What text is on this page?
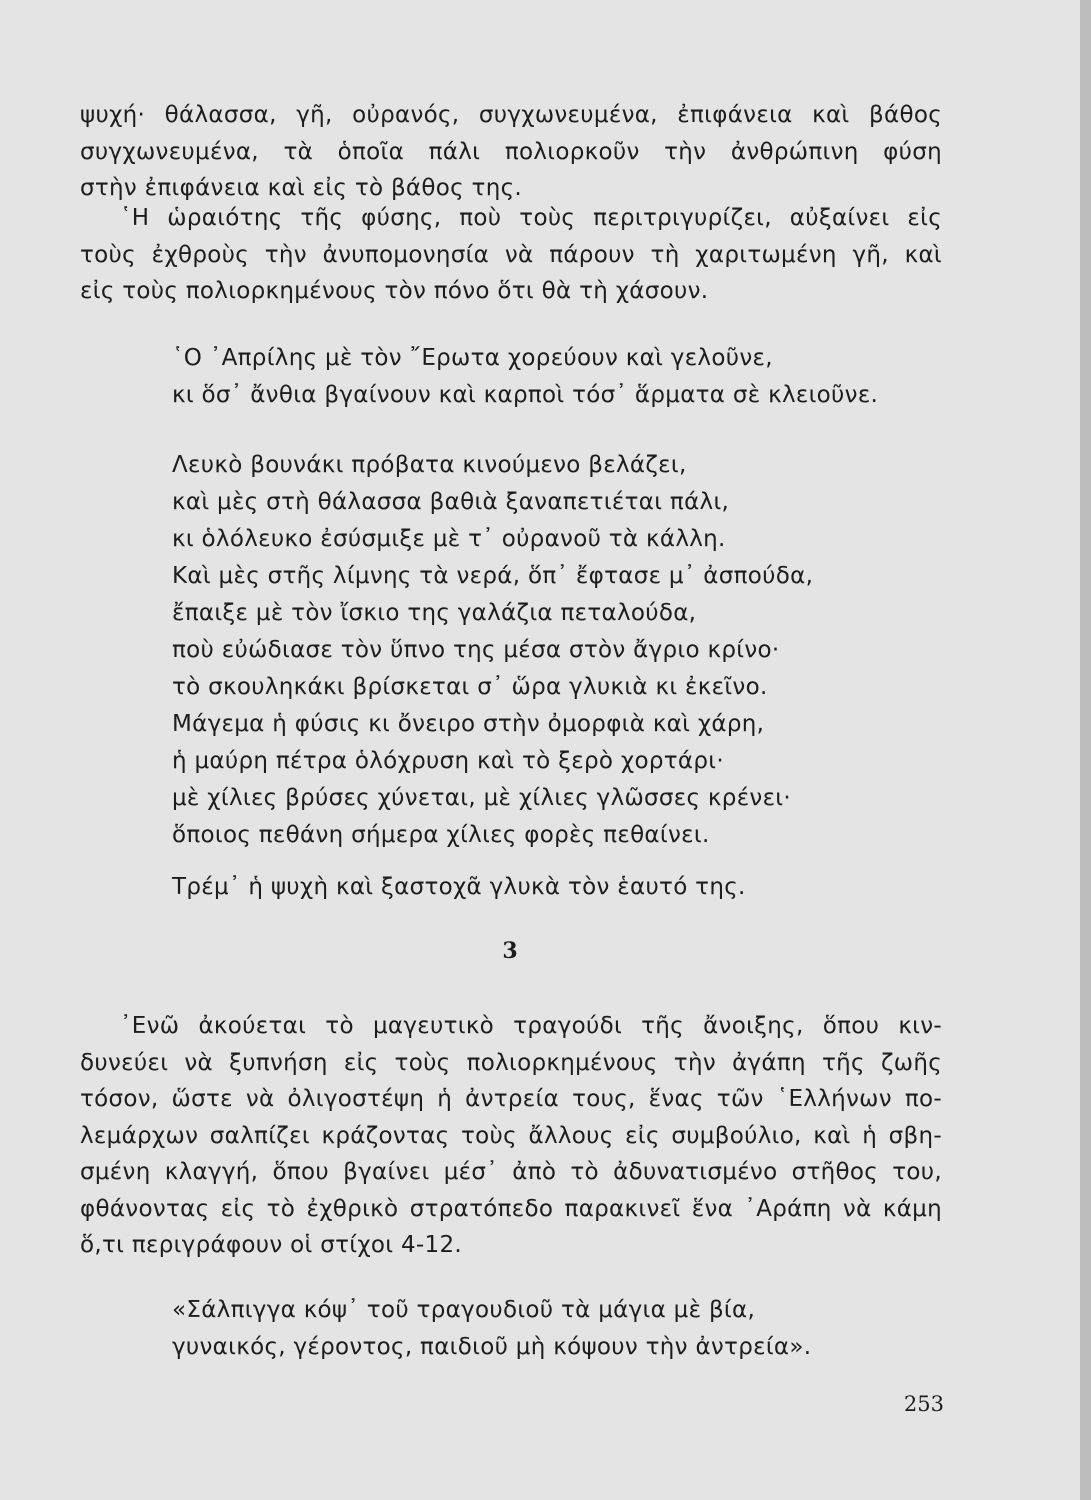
ψυχή· θάλασσα, γῆ, οὐρανός, συγχωνευμένα, ἐπιφάνεια καὶ βάθος
συγχωνευμένα, τὰ ὁποῖα πάλι πολιορκοῦν τὴν ἀνθρώπινη φύση
στὴν ἐπιφάνεια καὶ εἰς τὸ βάθος της.
῾Η ὡραιότης τῆς φύσης, ποὺ τοὺς περιτριγυρίζει, αὐξαίνει εἰς
τοὺς ἐχθροὺς τὴν ἀνυπομονησία νὰ πάρουν τὴ χαριτωμένη γῆ, καὶ
εἰς τοὺς πολιορκημένους τὸν πόνο ὅτι θὰ τὴ χάσουν.
῾Ο ᾿Απρίλης μὲ τὸν ῎Ερωτα χορεύουν καὶ γελοῦνε,
κι ὅσ᾿ ἄνθια βγαίνουν καὶ καρποὶ τόσ᾿ ἅρματα σὲ κλειοῦνε.
Λευκὸ βουνάκι πρόβατα κινούμενο βελάζει,
καὶ μὲς στὴ θάλασσα βαθιὰ ξαναπετιέται πάλι,
κι ὁλόλευκο ἐσύσμιξε μὲ τ᾿ οὐρανοῦ τὰ κάλλη.
Καὶ μὲς στῆς λίμνης τὰ νερά, ὅπ᾿ ἔφτασε μ᾿ ἀσπούδα,
ἔπαιξε μὲ τὸν ἴσκιο της γαλάζια πεταλούδα,
ποὺ εὐώδιασε τὸν ὕπνο της μέσα στὸν ἄγριο κρίνο·
τὸ σκουληκάκι βρίσκεται σ᾿ ὥρα γλυκιὰ κι ἐκεῖνο.
Μάγεμα ἡ φύσις κι ὄνειρο στὴν ὀμορφιὰ καὶ χάρη,
ἡ μαύρη πέτρα ὁλόχρυση καὶ τὸ ξερὸ χορτάρι·
μὲ χίλιες βρύσες χύνεται, μὲ χίλιες γλῶσσες κρένει·
ὅποιος πεθάνη σήμερα χίλιες φορὲς πεθαίνει.
Τρέμ᾿ ἡ ψυχὴ καὶ ξαστοχᾶ γλυκὰ τὸν ἑαυτό της.
3
᾿Ενῶ ἀκούεται τὸ μαγευτικὸ τραγούδι τῆς ἄνοιξης, ὅπου κιν-
δυνεύει νὰ ξυπνήση εἰς τοὺς πολιορκημένους τὴν ἀγάπη τῆς ζωῆς
τόσον, ὥστε νὰ ὀλιγοστέψη ἡ ἀντρεία τους, ἕνας τῶν ῾Ελλήνων πο-
λεμάρχων σαλπίζει κράζοντας τοὺς ἄλλους εἰς συμβούλιο, καὶ ἡ σβη-
σμένη κλαγγή, ὅπου βγαίνει μέσ᾿ ἀπὸ τὸ ἀδυνατισμένο στῆθος του,
φθάνοντας εἰς τὸ ἐχθρικὸ στρατόπεδο παρακινεῖ ἕνα ᾿Αράπη νὰ κάμη
ὅ,τι περιγράφουν οἱ στίχοι 4-12.
«Σάλπιγγα κόψ᾿ τοῦ τραγουδιοῦ τὰ μάγια μὲ βία,
γυναικός, γέροντος, παιδιοῦ μὴ κόψουν τὴν ἀντρεία».
253
